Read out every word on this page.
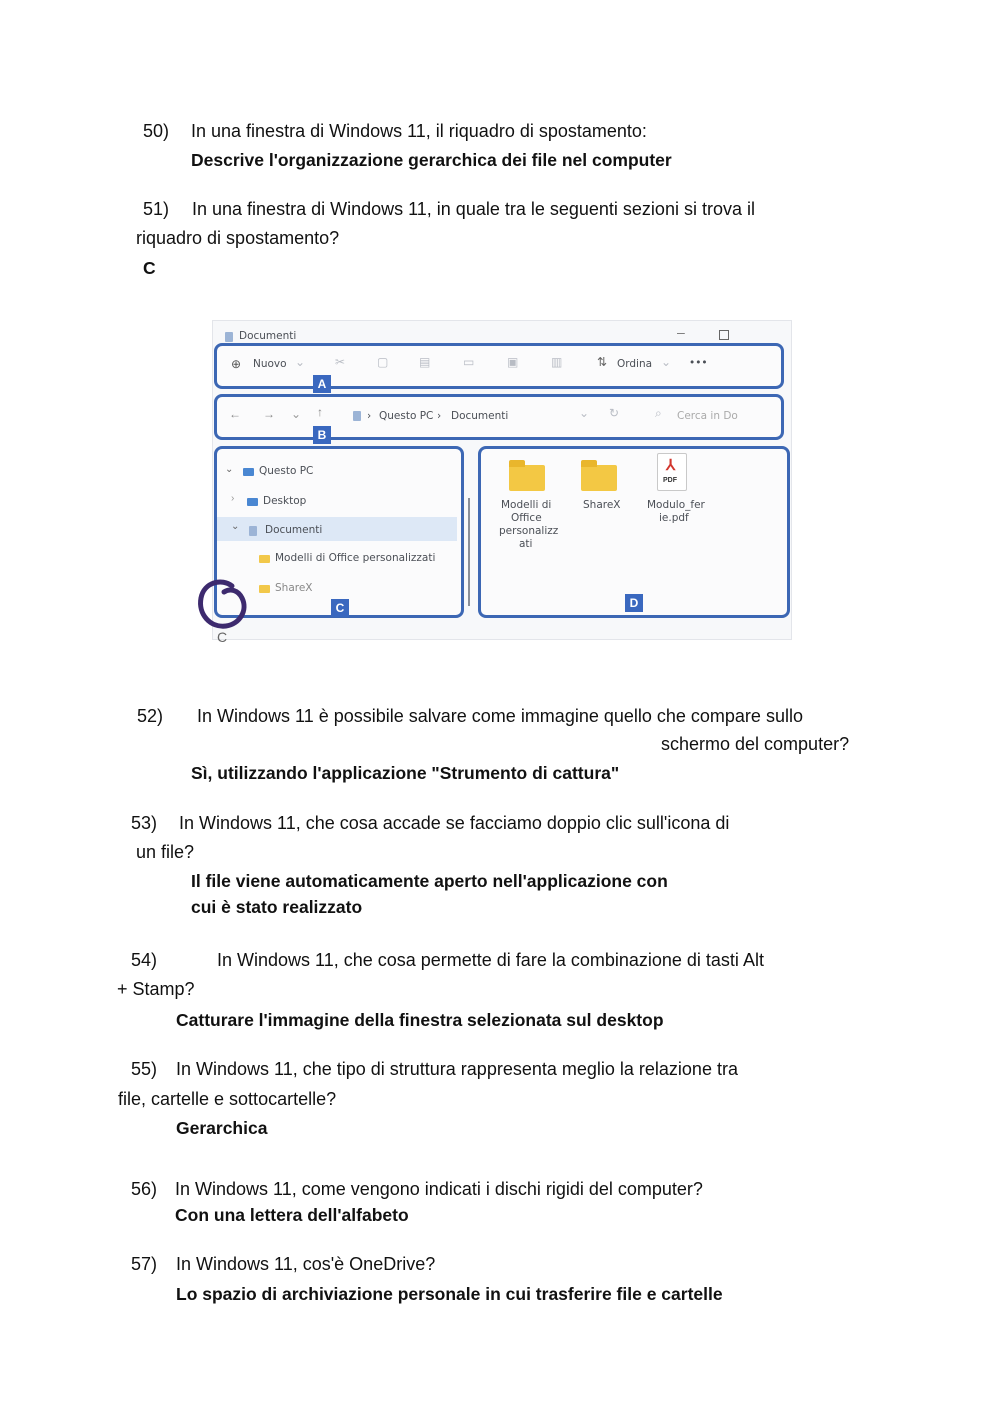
50) In una finestra di Windows 11, il riquadro di spostamento:
Descrive l'organizzazione gerarchica dei file nel computer
51) In una finestra di Windows 11, in quale tra le seguenti sezioni si trova il
riquadro di spostamento?
C
Documenti	–
⊕ Nuovo ⌄ ✂	▢	▤	▭	▣	▥	⇅ Ordina ⌄ •••
A
← → ⌄ ↑	› Questo PC › Documenti	⌄ ↻	⌕ Cerca in Do
B
⌄ Questo PC
›	Desktop
⌄ Documenti
Modelli di Office personalizzati
ShareX
C
Modelli di
Office
personalizz
ati
ShareX
⅄
PDF
Modulo_fer
ie.pdf
D
C
52) In Windows 11 è possibile salvare come immagine quello che compare sullo
schermo del computer?
Sì, utilizzando l'applicazione "Strumento di cattura"
53) In Windows 11, che cosa accade se facciamo doppio clic sull'icona di
un file?
Il file viene automaticamente aperto nell'applicazione con
cui è stato realizzato
54)	In Windows 11, che cosa permette di fare la combinazione di tasti Alt
+ Stamp?
Catturare l'immagine della finestra selezionata sul desktop
55) In Windows 11, che tipo di struttura rappresenta meglio la relazione tra
file, cartelle e sottocartelle?
Gerarchica
56) In Windows 11, come vengono indicati i dischi rigidi del computer?
Con una lettera dell'alfabeto
57) In Windows 11, cos'è OneDrive?
Lo spazio di archiviazione personale in cui trasferire file e cartelle
